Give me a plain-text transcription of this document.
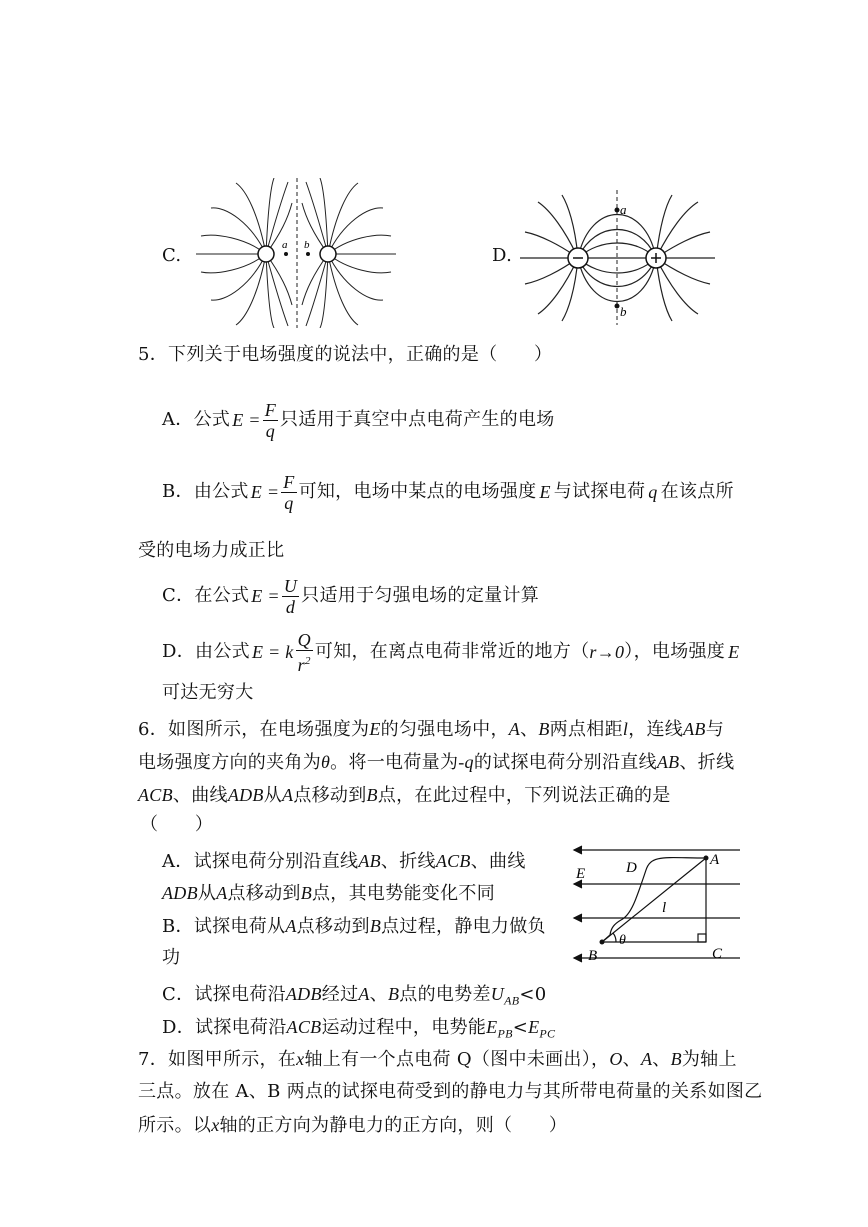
C.	a b	D.
a
b
5．下列关于电场强度的说法中，正确的是（　　）
A．公式 $E = \frac{F}{q}$ 只适用于真空中点电荷产生的电场
B．由公式 $E = \frac{F}{q}$ 可知，电场中某点的电场强度 E 与试探电荷 q 在该点所
受的电场力成正比
C．在公式 $E = \frac{U}{d}$ 只适用于匀强电场的定量计算
D．由公式 E = k $\frac{Q}{r^2}$ 可知，在离点电荷非常近的地方（ r→0 ），电场强度 E
可达无穷大
6．如图所示，在电场强度为E的匀强电场中，A、B两点相距l，连线AB与
电场强度方向的夹角为θ。将一电荷量为-q的试探电荷分别沿直线AB、折线
ACB、曲线ADB从A点移动到B点，在此过程中，下列说法正确的是
（　　）
A．试探电荷分别沿直线AB、折线ACB、曲线
ADB从A点移动到B点，其电势能变化不同
B．试探电荷从A点移动到B点过程，静电力做负
功
C．试探电荷沿ADB经过A、B点的电势差$U_{AB}<0$
D．试探电荷沿ACB运动过程中，电势能$E_{PB}<E_{PC}$
E	D	A
l
B
θ
C
7．如图甲所示，在x轴上有一个点电荷 Q（图中未画出），O、A、B为轴上
三点。放在 A、B 两点的试探电荷受到的静电力与其所带电荷量的关系如图乙
所示。以x轴的正方向为静电力的正方向，则（　　）
